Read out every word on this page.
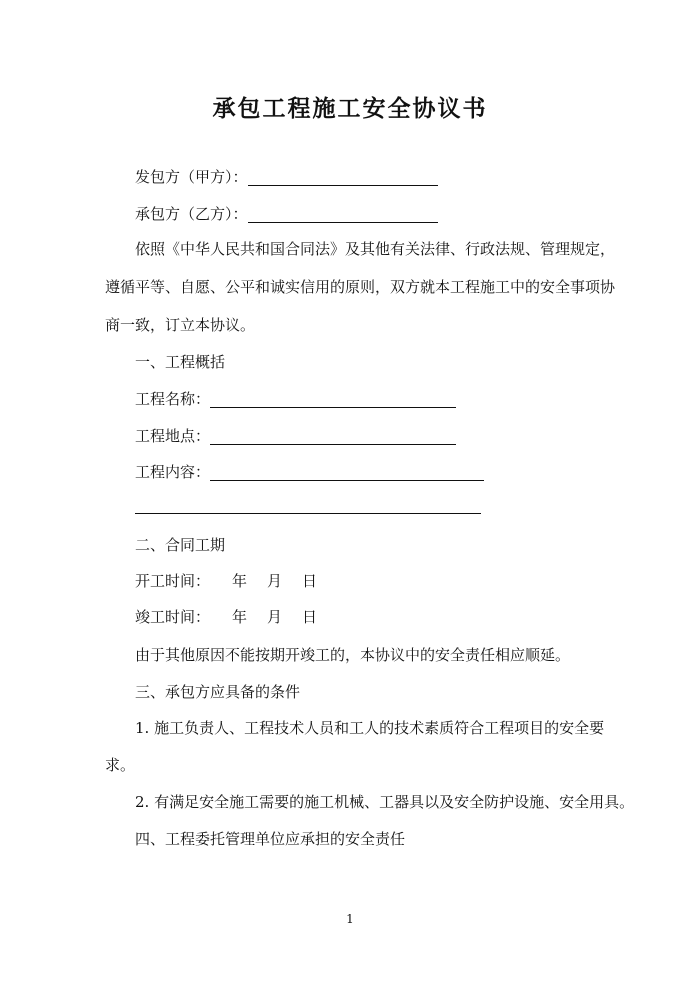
承包工程施工安全协议书
发包方（甲方）：
承包方（乙方）：
依照《中华人民共和国合同法》及其他有关法律、行政法规、管理规定，
遵循平等、自愿、公平和诚实信用的原则，双方就本工程施工中的安全事项协
商一致，订立本协议。
一、工程概括
工程名称：
工程地点：
工程内容：
二、合同工期
开工时间： 年 月 日
竣工时间： 年 月 日
由于其他原因不能按期开竣工的，本协议中的安全责任相应顺延。
三、承包方应具备的条件
1. 施工负责人、工程技术人员和工人的技术素质符合工程项目的安全要
求。
2. 有满足安全施工需要的施工机械、工器具以及安全防护设施、安全用具。
四、工程委托管理单位应承担的安全责任
1
